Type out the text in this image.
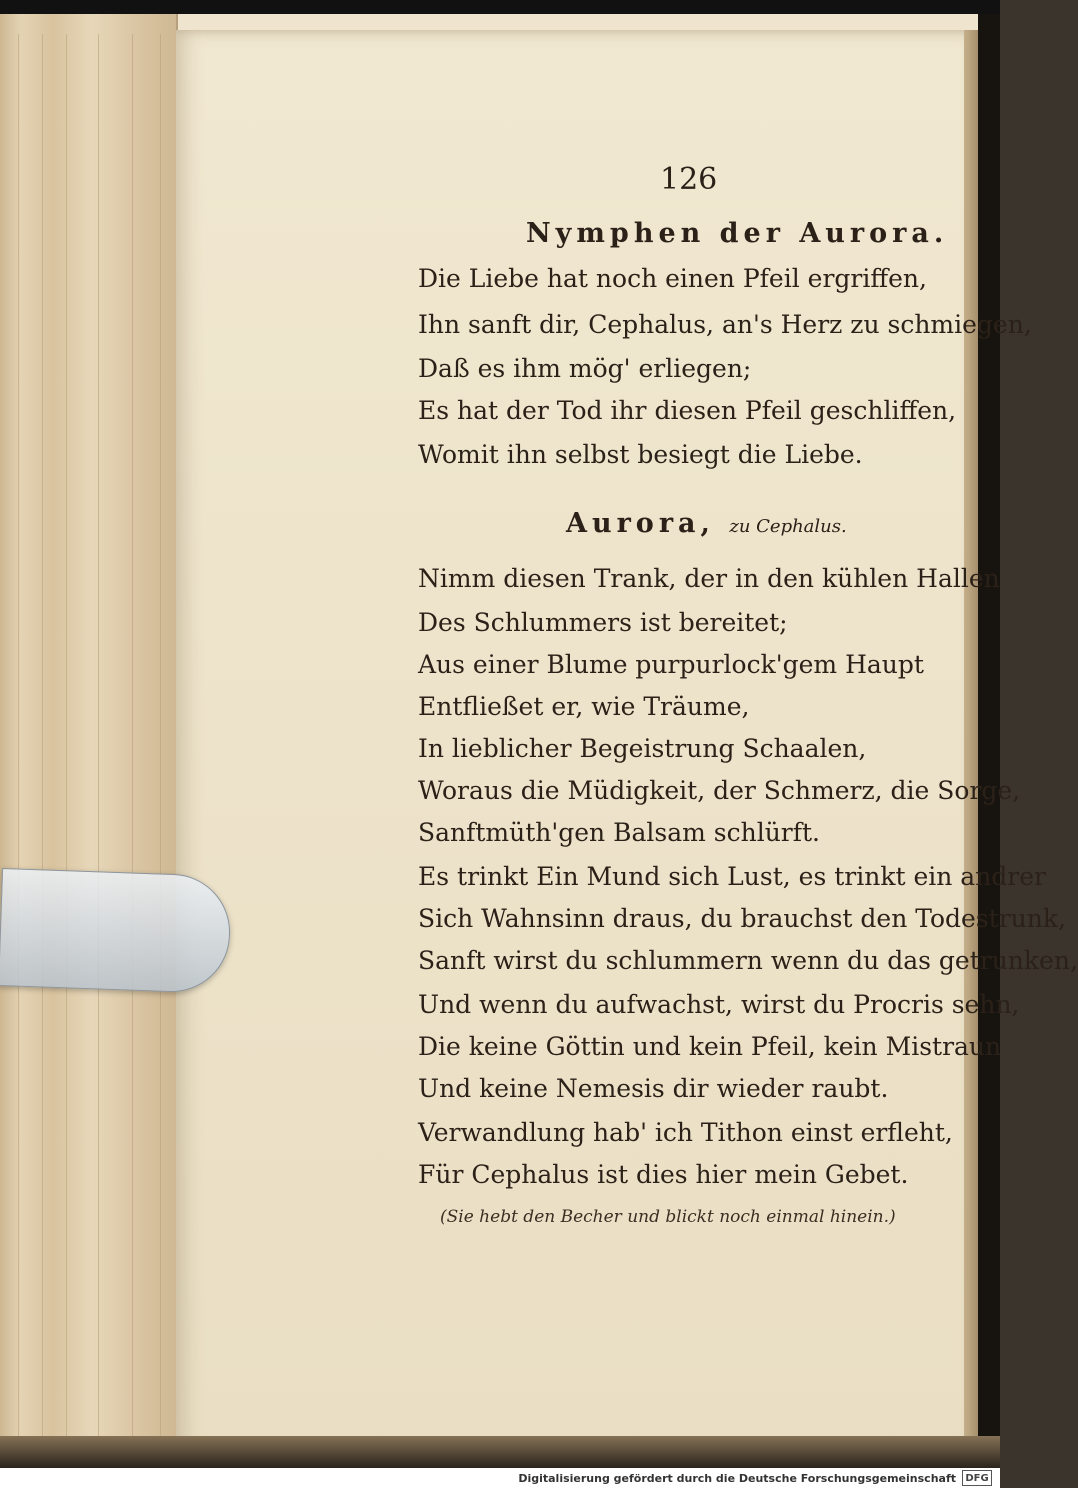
126
Nymphen der Aurora.
Die Liebe hat noch einen Pfeil ergriffen,
Ihn sanft dir, Cephalus, an's Herz zu schmiegen,
Daß es ihm mög' erliegen;
Es hat der Tod ihr diesen Pfeil geschliffen,
Womit ihn selbst besiegt die Liebe.
Aurora, zu Cephalus.
Nimm diesen Trank, der in den kühlen Hallen
Des Schlummers ist bereitet;
Aus einer Blume purpurlock'gem Haupt
Entfließet er, wie Träume,
In lieblicher Begeistrung Schaalen,
Woraus die Müdigkeit, der Schmerz, die Sorge,
Sanftmüth'gen Balsam schlürft.
Es trinkt Ein Mund sich Lust, es trinkt ein andrer
Sich Wahnsinn draus, du brauchst den Todestrunk,
Sanft wirst du schlummern wenn du das getrunken,
Und wenn du aufwachst, wirst du Procris sehn,
Die keine Göttin und kein Pfeil, kein Mistraun
Und keine Nemesis dir wieder raubt.
Verwandlung hab' ich Tithon einst erfleht,
Für Cephalus ist dies hier mein Gebet.
(Sie hebt den Becher und blickt noch einmal hinein.)
Digitalisierung gefördert durch die Deutsche Forschungsgemeinschaft DFG
